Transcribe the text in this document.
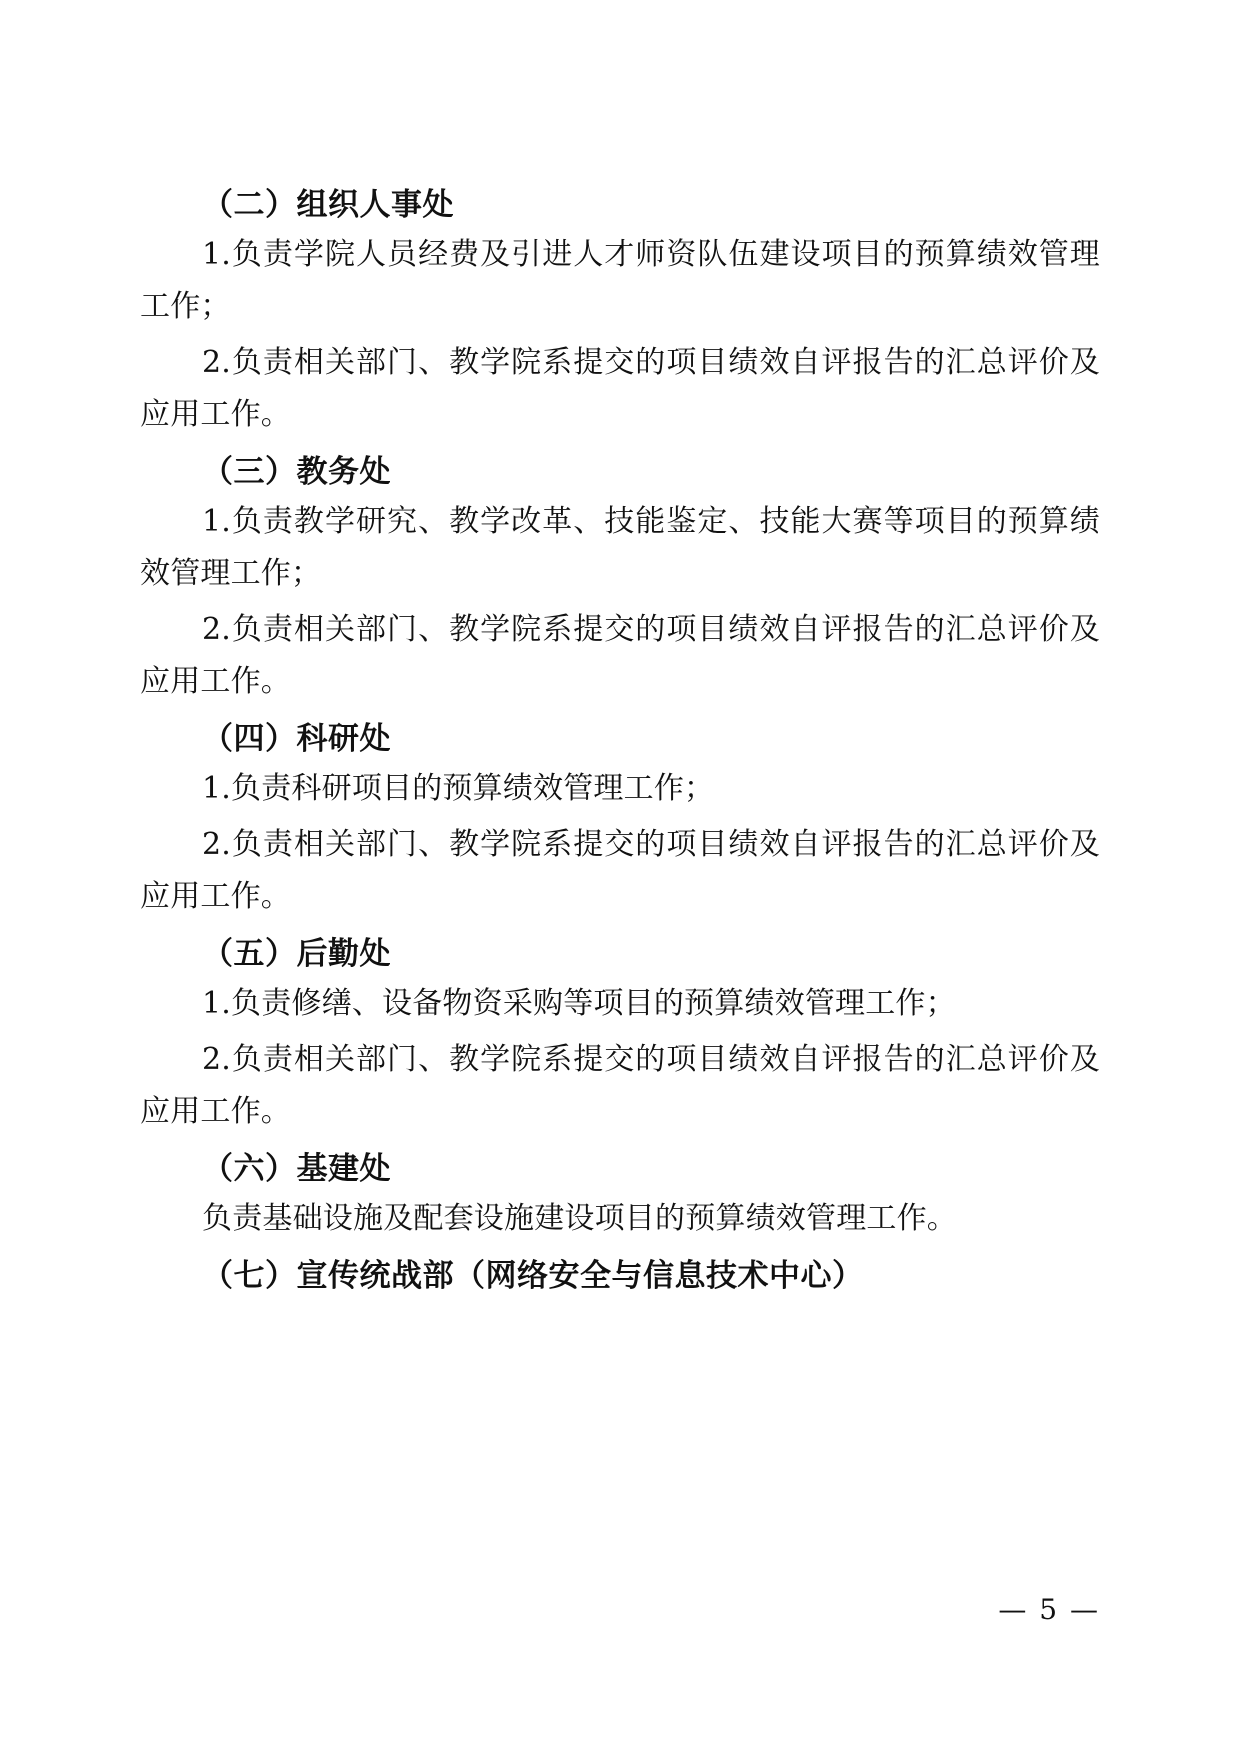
（二）组织人事处

1.负责学院人员经费及引进人才师资队伍建设项目的预算绩效管理工作；

2.负责相关部门、教学院系提交的项目绩效自评报告的汇总评价及应用工作。

（三）教务处

1.负责教学研究、教学改革、技能鉴定、技能大赛等项目的预算绩效管理工作；

2.负责相关部门、教学院系提交的项目绩效自评报告的汇总评价及应用工作。

（四）科研处

1.负责科研项目的预算绩效管理工作；

2.负责相关部门、教学院系提交的项目绩效自评报告的汇总评价及应用工作。

（五）后勤处

1.负责修缮、设备物资采购等项目的预算绩效管理工作；

2.负责相关部门、教学院系提交的项目绩效自评报告的汇总评价及应用工作。

（六）基建处

负责基础设施及配套设施建设项目的预算绩效管理工作。

（七）宣传统战部（网络安全与信息技术中心）
— 5 —
